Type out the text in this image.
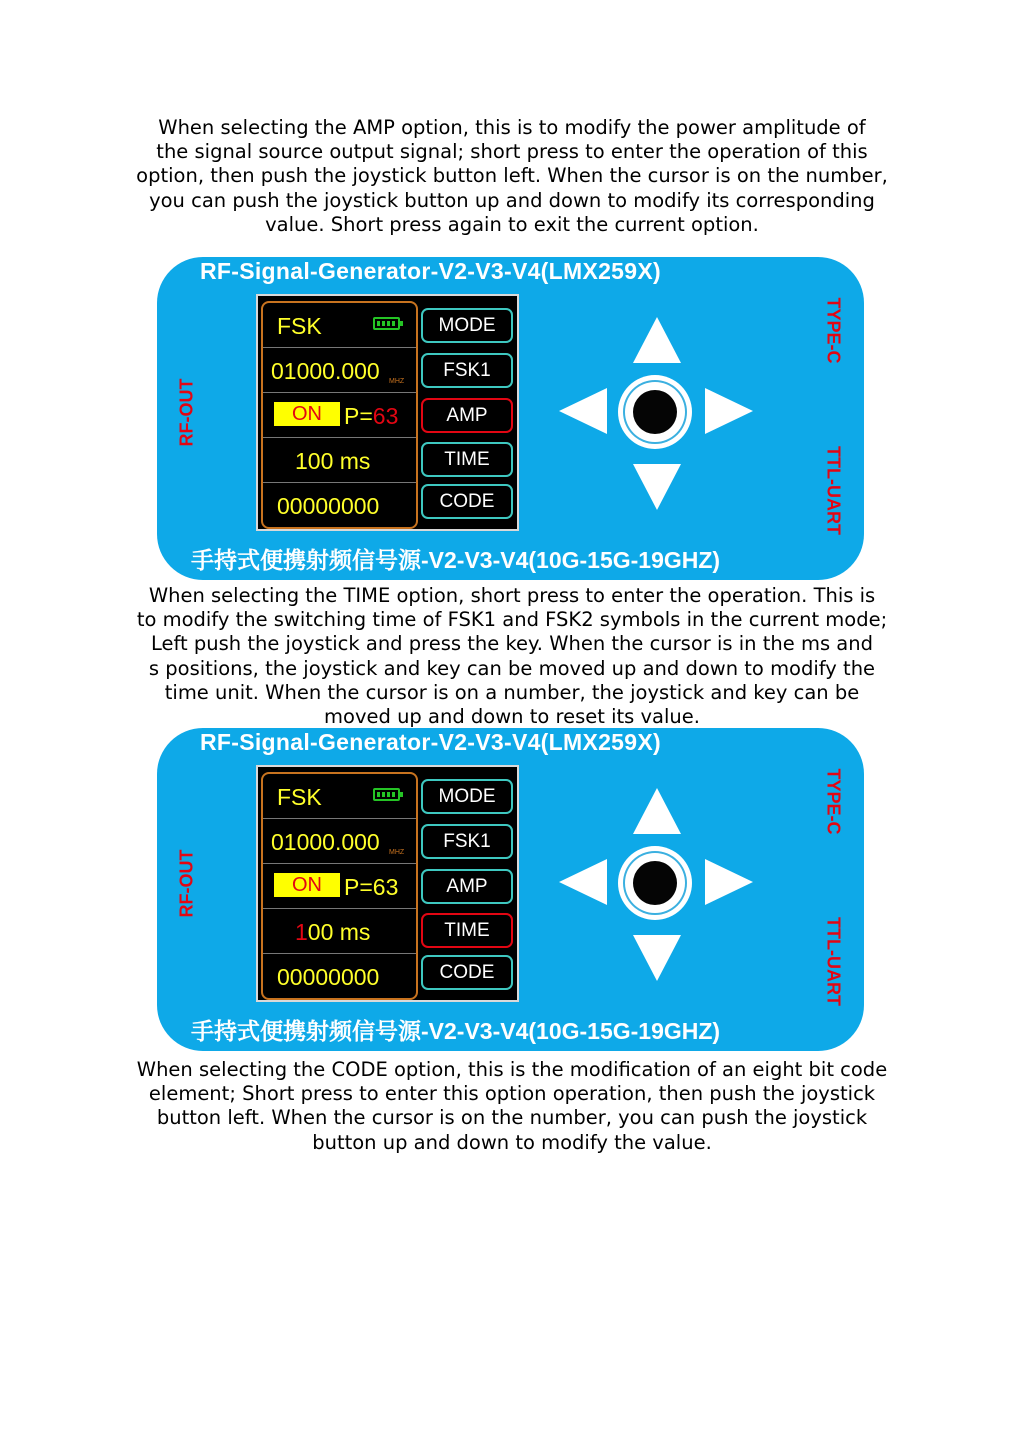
When selecting the AMP option, this is to modify the power amplitude of
the signal source output signal; short press to enter the operation of this
option, then push the joystick button left. When the cursor is on the number,
you can push the joystick button up and down to modify its corresponding
value. Short press again to exit the current option.
RF-Signal-Generator-V2-V3-V4(LMX259X)
RF-OUT
TYPE-C
TTL-UART
FSK
01000.000 MHZ
ON P=63
100 ms
00000000
MODE
FSK1
AMP
TIME
CODE
手持式便携射频信号源-V2-V3-V4(10G-15G-19GHZ)
When selecting the TIME option, short press to enter the operation. This is
to modify the switching time of FSK1 and FSK2 symbols in the current mode;
Left push the joystick and press the key. When the cursor is in the ms and
s positions, the joystick and key can be moved up and down to modify the
time unit. When the cursor is on a number, the joystick and key can be
moved up and down to reset its value.
RF-Signal-Generator-V2-V3-V4(LMX259X)
RF-OUT
TYPE-C
TTL-UART
FSK
01000.000 MHZ
ON P=63
100 ms
00000000
MODE
FSK1
AMP
TIME
CODE
手持式便携射频信号源-V2-V3-V4(10G-15G-19GHZ)
When selecting the CODE option, this is the modification of an eight bit code
element; Short press to enter this option operation, then push the joystick
button left. When the cursor is on the number, you can push the joystick
button up and down to modify the value.
